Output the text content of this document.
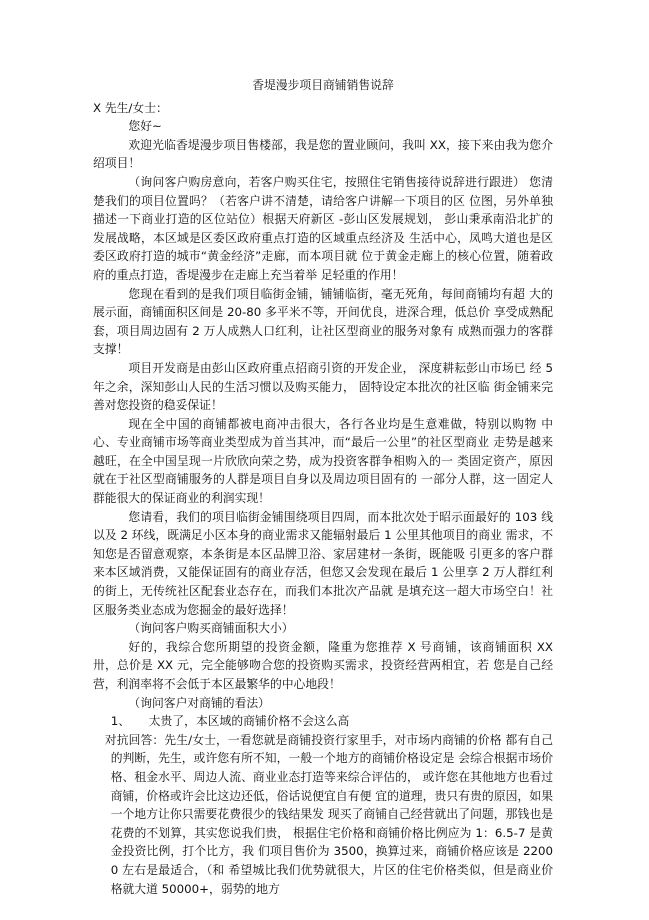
香堤漫步项目商铺销售说辞

X 先生/女士：

您好~

欢迎光临香堤漫步项目售楼部，我是您的置业顾问，我叫 XX，接下来由我为您介绍项目！

（询问客户购房意向，若客户购买住宅，按照住宅销售接待说辞进行跟进） 您清楚我们的项目位置吗？（若客户讲不清楚，请给客户讲解一下项目的区 位图，另外单独描述一下商业打造的区位站位）根据天府新区 -彭山区发展规划， 彭山秉承南沿北扩的发展战略，本区域是区委区政府重点打造的区域重点经济及 生活中心，凤鸣大道也是区委区政府打造的城市“黄金经济”走廊，而本项目就 位于黄金走廊上的核心位置，随着政府的重点打造，香堤漫步在走廊上充当着举 足轻重的作用！

您现在看到的是我们项目临街金铺，铺铺临街，毫无死角，每间商铺均有超 大的展示面，商铺面积区间是 20-80 多平米不等，开间优良，进深合理，低总价 享受成熟配套，项目周边固有 2 万人成熟人口红利，让社区型商业的服务对象有 成熟而强力的客群支撑！

项目开发商是由彭山区政府重点招商引资的开发企业， 深度耕耘彭山市场已 经 5 年之余，深知彭山人民的生活习惯以及购买能力， 固特设定本批次的社区临 街金铺来完善对您投资的稳妥保证！

现在全中国的商铺都被电商冲击很大，各行各业均是生意难做，特别以购物 中心、专业商铺市场等商业类型成为首当其冲，而“最后一公里”的社区型商业 走势是越来越旺，在全中国呈现一片欣欣向荣之势，成为投资客群争相购入的一 类固定资产，原因就在于社区型商铺服务的人群是项目自身以及周边项目固有的 一部分人群，这一固定人群能很大的保证商业的利润实现！

您请看，我们的项目临街金铺围绕项目四周，而本批次处于昭示面最好的 103 线以及 2 环线，既满足小区本身的商业需求又能辐射最后 1 公里其他项目的商业 需求，不知您是否留意观察，本条街是本区品牌卫浴、家居建材一条街，既能吸 引更多的客户群来本区域消费，又能保证固有的商业存活，但您又会发现在最后 1 公里享 2 万人群红利的街上，无传统社区配套业态存在，而我们本批次产品就 是填充这一超大市场空白！社区服务类业态成为您掘金的最好选择！

（询问客户购买商铺面积大小）

好的，我综合您所期望的投资金额，隆重为您推荐 X 号商铺，该商铺面积 XX 卅，总价是 XX 元，完全能够吻合您的投资购买需求，投资经营两相宜，若 您是自己经营，利润率将不会低于本区最繁华的中心地段！

（询问客户对商铺的看法）

1、 太贵了，本区域的商铺价格不会这么高

对抗回答：先生/女士，一看您就是商铺投资行家里手，对市场内商铺的价格 都有自己的判断，先生，或许您有所不知，一般一个地方的商铺价格设定是 会综合根据市场价格、租金水平、周边人流、商业业态打造等来综合评估的， 或许您在其他地方也看过商铺，价格或许会比这边还低，俗话说便宜自有便 宜的道理，贵只有贵的原因，如果一个地方让你只需要花费很少的钱结果发 现买了商铺自己经营就出了问题，那钱也是花费的不划算，其实您说我们贵， 根据住宅价格和商铺价格比例应为 1：6.5-7 是黄金投资比例，打个比方，我 们项目售价为 3500，换算过来，商铺价格应该是 22000 左右是最适合，（和 希望城比我们优势就很大，片区的住宅价格类似，但是商业价格就大道 50000+，弱势的地方
